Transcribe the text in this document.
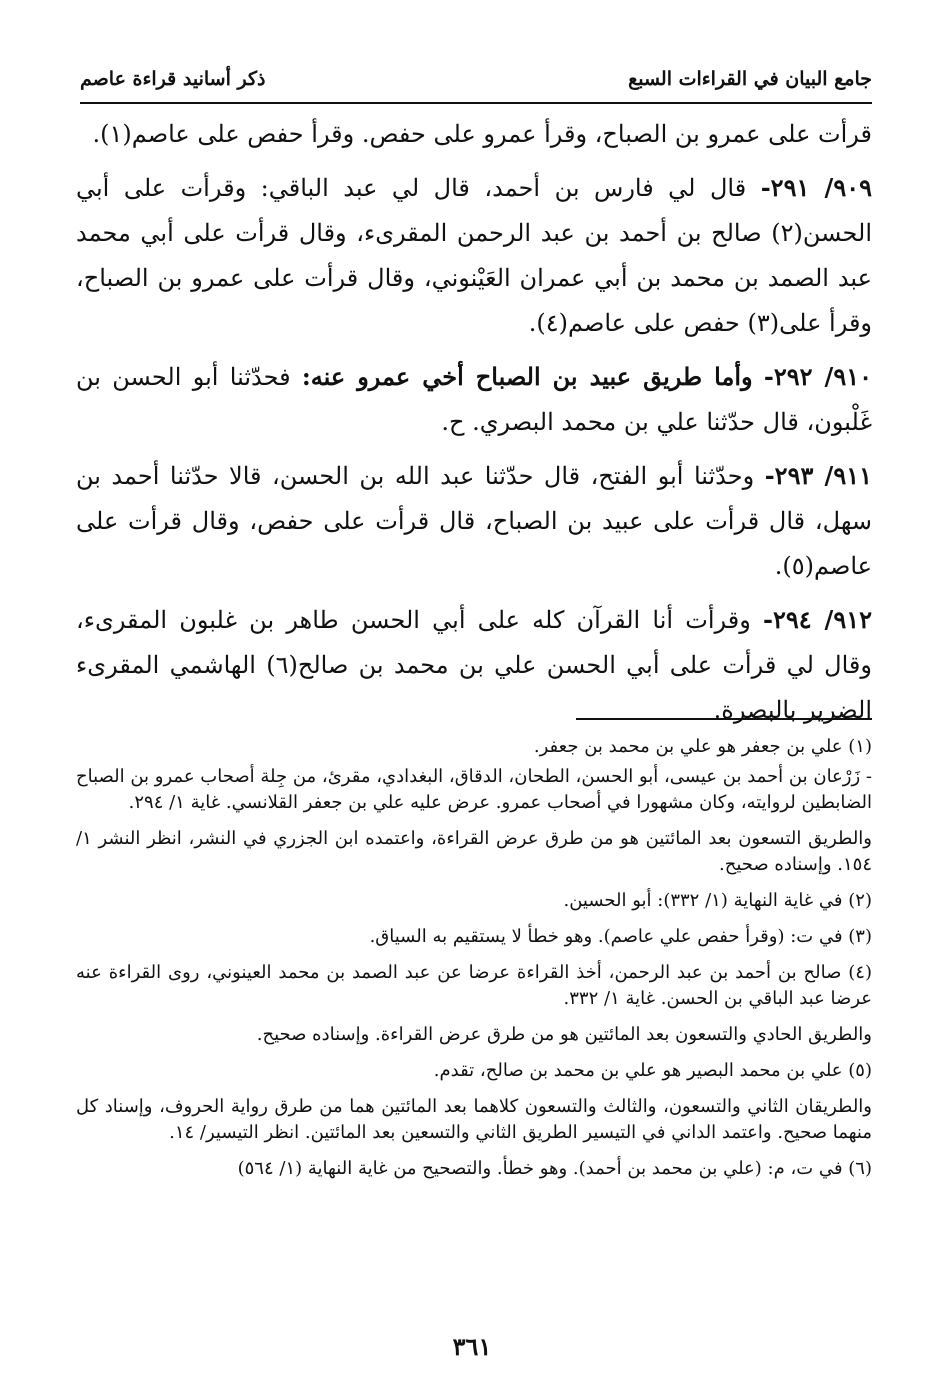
جامع البيان في القراءات السبع
ذكر أسانيد قراءة عاصم

قرأت على عمرو بن الصباح، وقرأ عمرو على حفص. وقرأ حفص على عاصم(١).

٩٠٩/ ٢٩١- قال لي فارس بن أحمد، قال لي عبد الباقي: وقرأت على أبي الحسن(٢) صالح بن أحمد بن عبد الرحمن المقرىء، وقال قرأت على أبي محمد عبد الصمد بن محمد بن أبي عمران العَيْنوني، وقال قرأت على عمرو بن الصباح، وقرأ على(٣) حفص على عاصم(٤).

٩١٠/ ٢٩٢- وأما طريق عبيد بن الصباح أخي عمرو عنه: فحدّثنا أبو الحسن بن غَلْبون، قال حدّثنا علي بن محمد البصري. ح.

٩١١/ ٢٩٣- وحدّثنا أبو الفتح، قال حدّثنا عبد الله بن الحسن، قالا حدّثنا أحمد بن سهل، قال قرأت على عبيد بن الصباح، قال قرأت على حفص، وقال قرأت على عاصم(٥).

٩١٢/ ٢٩٤- وقرأت أنا القرآن كله على أبي الحسن طاهر بن غلبون المقرىء، وقال لي قرأت على أبي الحسن علي بن محمد بن صالح(٦) الهاشمي المقرىء الضرير بالبصرة.

(١) علي بن جعفر هو علي بن محمد بن جعفر.

- زَرْعان بن أحمد بن عيسى، أبو الحسن، الطحان، الدقاق، البغدادي، مقرئ، من جِلة أصحاب عمرو بن الصباح الضابطين لروايته، وكان مشهورا في أصحاب عمرو. عرض عليه علي بن جعفر القلانسي. غاية ١/ ٢٩٤.

والطريق التسعون بعد المائتين هو من طرق عرض القراءة، واعتمده ابن الجزري في النشر، انظر النشر ١/ ١٥٤. وإسناده صحيح.

(٢) في غاية النهاية (١/ ٣٣٢): أبو الحسين.

(٣) في ت: (وقرأ حفص علي عاصم). وهو خطأ لا يستقيم به السياق.

(٤) صالح بن أحمد بن عبد الرحمن، أخذ القراءة عرضا عن عبد الصمد بن محمد العينوني، روى القراءة عنه عرضا عبد الباقي بن الحسن. غاية ١/ ٣٣٢.

والطريق الحادي والتسعون بعد المائتين هو من طرق عرض القراءة. وإسناده صحيح.

(٥) علي بن محمد البصير هو علي بن محمد بن صالح، تقدم.

والطريقان الثاني والتسعون، والثالث والتسعون كلاهما بعد المائتين هما من طرق رواية الحروف، وإسناد كل منهما صحيح. واعتمد الداني في التيسير الطريق الثاني والتسعين بعد المائتين. انظر التيسير/ ١٤.

(٦) في ت، م: (علي بن محمد بن أحمد). وهو خطأ. والتصحيح من غاية النهاية (١/ ٥٦٤)

٣٦١
